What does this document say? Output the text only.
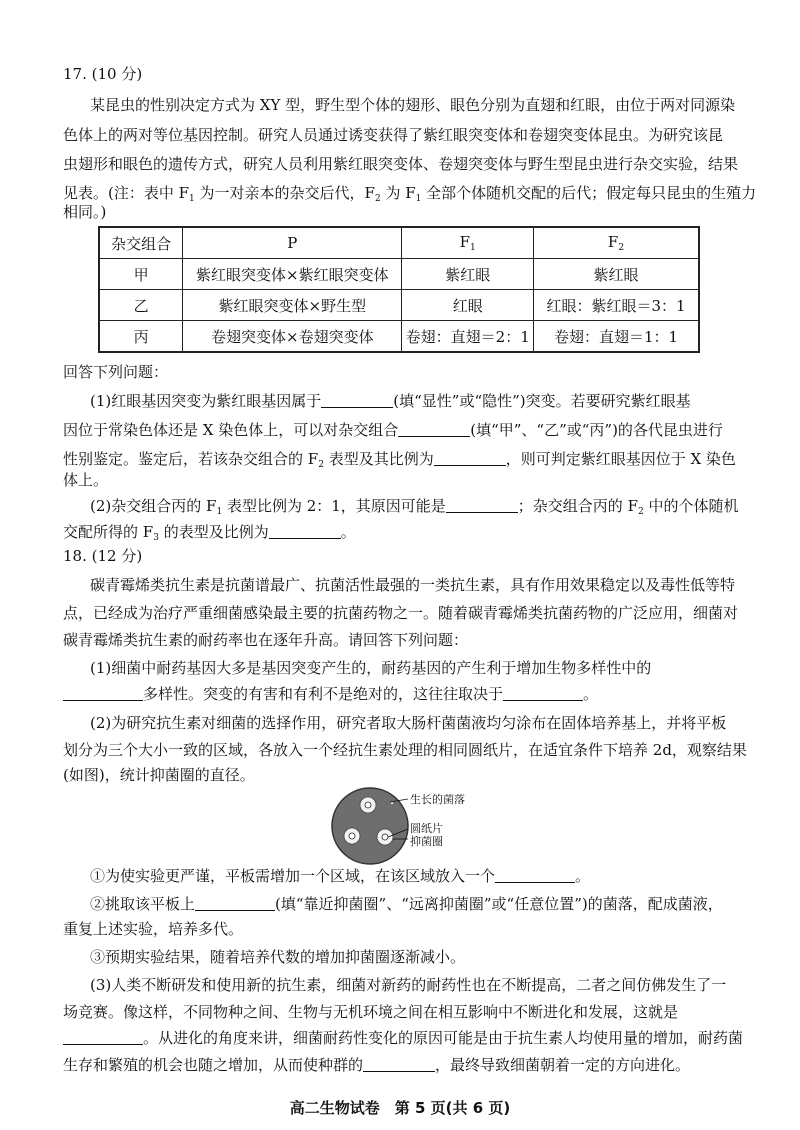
17. (10 分)
某昆虫的性别决定方式为 XY 型，野生型个体的翅形、眼色分别为直翅和红眼，由位于两对同源染
色体上的两对等位基因控制。研究人员通过诱变获得了紫红眼突变体和卷翅突变体昆虫。为研究该昆
虫翅形和眼色的遗传方式，研究人员利用紫红眼突变体、卷翅突变体与野生型昆虫进行杂交实验，结果
见表。(注：表中 $F_1$ 为一对亲本的杂交后代，$F_2$ 为 $F_1$ 全部个体随机交配的后代；假定每只昆虫的生殖力
相同。)
杂交组合	P	$F_1$	$F_2$
甲	紫红眼突变体×紫红眼突变体	紫红眼	紫红眼
乙	紫红眼突变体×野生型	红眼	红眼：紫红眼＝3：1
丙	卷翅突变体×卷翅突变体	卷翅：直翅＝2：1	卷翅：直翅＝1：1
回答下列问题：
(1)红眼基因突变为紫红眼基因属于	(填“显性”或“隐性”)突变。若要研究紫红眼基
因位于常染色体还是 X 染色体上，可以对杂交组合	(填“甲”、“乙”或“丙”)的各代昆虫进行
性别鉴定。鉴定后，若该杂交组合的 $F_2$ 表型及其比例为	，则可判定紫红眼基因位于 X 染色
体上。
(2)杂交组合丙的 $F_1$ 表型比例为 2：1，其原因可能是	；杂交组合丙的 $F_2$ 中的个体随机
交配所得的 $F_3$ 的表型及比例为	。
18. (12 分)
碳青霉烯类抗生素是抗菌谱最广、抗菌活性最强的一类抗生素，具有作用效果稳定以及毒性低等特
点，已经成为治疗严重细菌感染最主要的抗菌药物之一。随着碳青霉烯类抗菌药物的广泛应用，细菌对
碳青霉烯类抗生素的耐药率也在逐年升高。请回答下列问题：
(1)细菌中耐药基因大多是基因突变产生的，耐药基因的产生利于增加生物多样性中的
多样性。突变的有害和有利不是绝对的，这往往取决于	。
(2)为研究抗生素对细菌的选择作用，研究者取大肠杆菌菌液均匀涂布在固体培养基上，并将平板
划分为三个大小一致的区域，各放入一个经抗生素处理的相同圆纸片，在适宜条件下培养 2d，观察结果
(如图)，统计抑菌圈的直径。
生长的菌落
圆纸片
抑菌圈
①为使实验更严谨，平板需增加一个区域，在该区域放入一个	。
②挑取该平板上	(填“靠近抑菌圈”、“远离抑菌圈”或“任意位置”)的菌落，配成菌液，
重复上述实验，培养多代。
③预期实验结果，随着培养代数的增加抑菌圈逐渐减小。
(3)人类不断研发和使用新的抗生素，细菌对新药的耐药性也在不断提高，二者之间仿佛发生了一
场竞赛。像这样，不同物种之间、生物与无机环境之间在相互影响中不断进化和发展，这就是
。从进化的角度来讲，细菌耐药性变化的原因可能是由于抗生素人均使用量的增加，耐药菌
生存和繁殖的机会也随之增加，从而使种群的	，最终导致细菌朝着一定的方向进化。
高二生物试卷　第 5 页(共 6 页)
